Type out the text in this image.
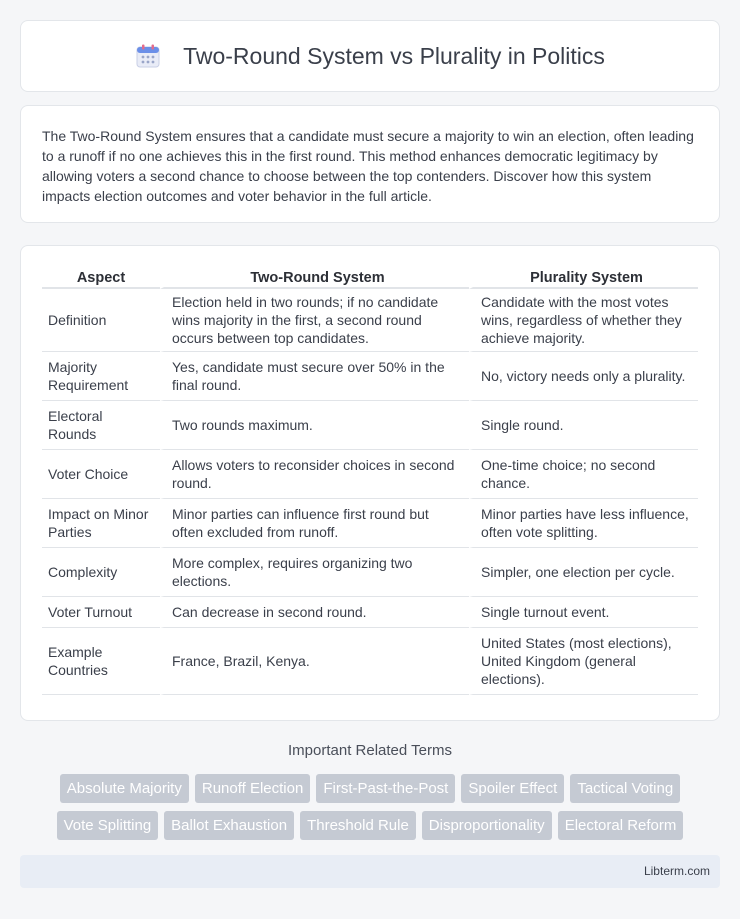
Two-Round System vs Plurality in Politics

The Two-Round System ensures that a candidate must secure a majority to win an election, often leading to a runoff if no one achieves this in the first round. This method enhances democratic legitimacy by allowing voters a second chance to choose between the top contenders. Discover how this system impacts election outcomes and voter behavior in the full article.

Aspect	Two-Round System	Plurality System
Definition	Election held in two rounds; if no candidate wins majority in the first, a second round occurs between top candidates.	Candidate with the most votes wins, regardless of whether they achieve majority.
Majority Requirement	Yes, candidate must secure over 50% in the final round.	No, victory needs only a plurality.
Electoral Rounds	Two rounds maximum.	Single round.
Voter Choice	Allows voters to reconsider choices in second round.	One-time choice; no second chance.
Impact on Minor Parties	Minor parties can influence first round but often excluded from runoff.	Minor parties have less influence, often vote splitting.
Complexity	More complex, requires organizing two elections.	Simpler, one election per cycle.
Voter Turnout	Can decrease in second round.	Single turnout event.
Example Countries	France, Brazil, Kenya.	United States (most elections), United Kingdom (general elections).
Important Related Terms
Absolute Majority	Runoff Election	First-Past-the-Post	Spoiler Effect	Tactical Voting
Vote Splitting	Ballot Exhaustion	Threshold Rule	Disproportionality	Electoral Reform
Libterm.com
